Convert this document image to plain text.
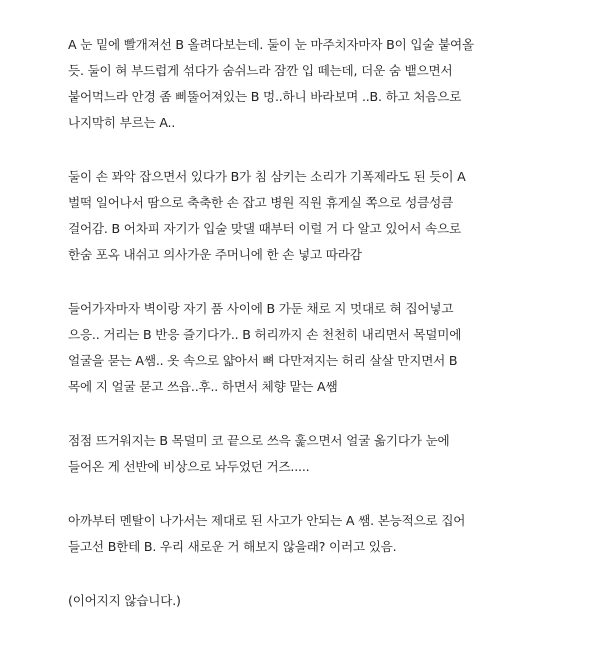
A 눈 밑에 빨개져선 B 올려다보는데. 둘이 눈 마주치자마자 B이 입술 붙여올
듯. 둘이 혀 부드럽게 섞다가 숨쉬느라 잠깐 입 떼는데, 더운 숨 뱉으면서
붙어먹느라 안경 좀 삐뚤어져있는 B 멍..하니 바라보며 ..B. 하고 처음으로
나지막히 부르는 A..
둘이 손 꽈악 잡으면서 있다가 B가 침 삼키는 소리가 기폭제라도 된 듯이 A
벌떡 일어나서 땀으로 축축한 손 잡고 병원 직원 휴게실 쪽으로 성큼성큼
걸어감. B 어차피 자기가 입술 맞댈 때부터 이럴 거 다 알고 있어서 속으로
한숨 포옥 내쉬고 의사가운 주머니에 한 손 넣고 따라감
들어가자마자 벽이랑 자기 품 사이에 B 가둔 채로 지 멋대로 혀 집어넣고
으응.. 거리는 B 반응 즐기다가.. B 허리까지 손 천천히 내리면서 목덜미에
얼굴을 묻는 A쌤.. 옷 속으로 얇아서 뼈 다만져지는 허리 살살 만지면서 B
목에 지 얼굴 묻고 쓰읍..후.. 하면서 체향 맡는 A쌤
점점 뜨거워지는 B 목덜미 코 끝으로 쓰윽 훑으면서 얼굴 옮기다가 눈에
들어온 게 선반에 비상으로 놔두었던 거즈.....
아까부터 멘탈이 나가서는 제대로 된 사고가 안되는 A 쌤. 본능적으로 집어
들고선 B한테 B. 우리 새로운 거 해보지 않을래? 이러고 있음.
(이어지지 않습니다.)
